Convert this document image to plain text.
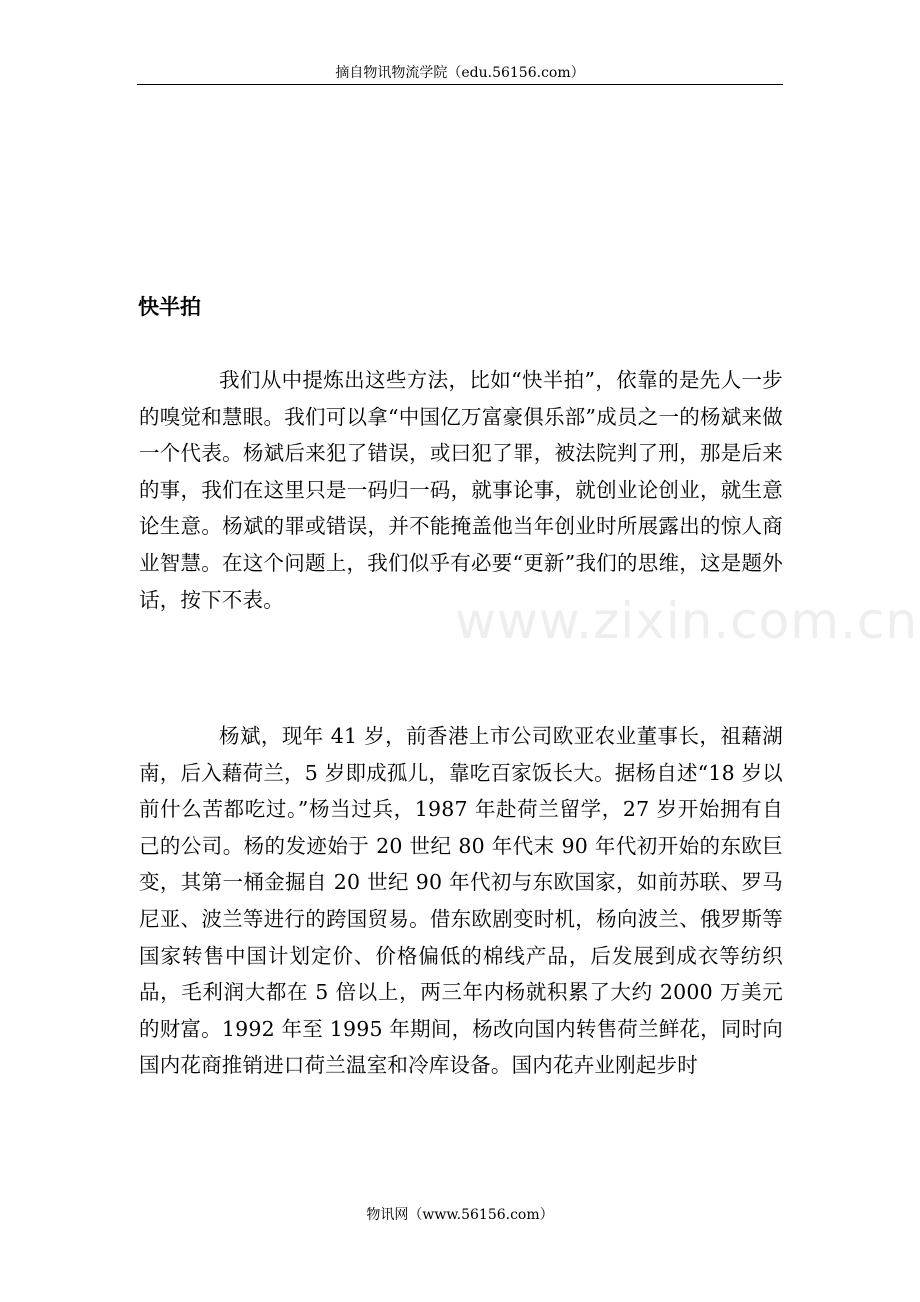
摘自物讯物流学院（edu.56156.com）
快半拍

我们从中提炼出这些方法，比如“快半拍”，依靠的是先人一步的嗅觉和慧眼。我们可以拿“中国亿万富豪俱乐部”成员之一的杨斌来做一个代表。杨斌后来犯了错误，或曰犯了罪，被法院判了刑，那是后来的事，我们在这里只是一码归一码，就事论事，就创业论创业，就生意论生意。杨斌的罪或错误，并不能掩盖他当年创业时所展露出的惊人商业智慧。在这个问题上，我们似乎有必要“更新”我们的思维，这是题外话，按下不表。	www.zixin.com.cn

杨斌，现年 41 岁，前香港上市公司欧亚农业董事长，祖藉湖南，后入藉荷兰，5 岁即成孤儿，靠吃百家饭长大。据杨自述“18 岁以前什么苦都吃过。”杨当过兵，1987 年赴荷兰留学，27 岁开始拥有自己的公司。杨的发迹始于 20 世纪 80 年代末 90 年代初开始的东欧巨变，其第一桶金掘自 20 世纪 90 年代初与东欧国家，如前苏联、罗马尼亚、波兰等进行的跨国贸易。借东欧剧变时机，杨向波兰、俄罗斯等国家转售中国计划定价、价格偏低的棉线产品，后发展到成衣等纺织品，毛利润大都在 5 倍以上，两三年内杨就积累了大约 2000 万美元的财富。1992 年至 1995 年期间，杨改向国内转售荷兰鲜花，同时向国内花商推销进口荷兰温室和冷库设备。国内花卉业刚起步时

物讯网（www.56156.com）
